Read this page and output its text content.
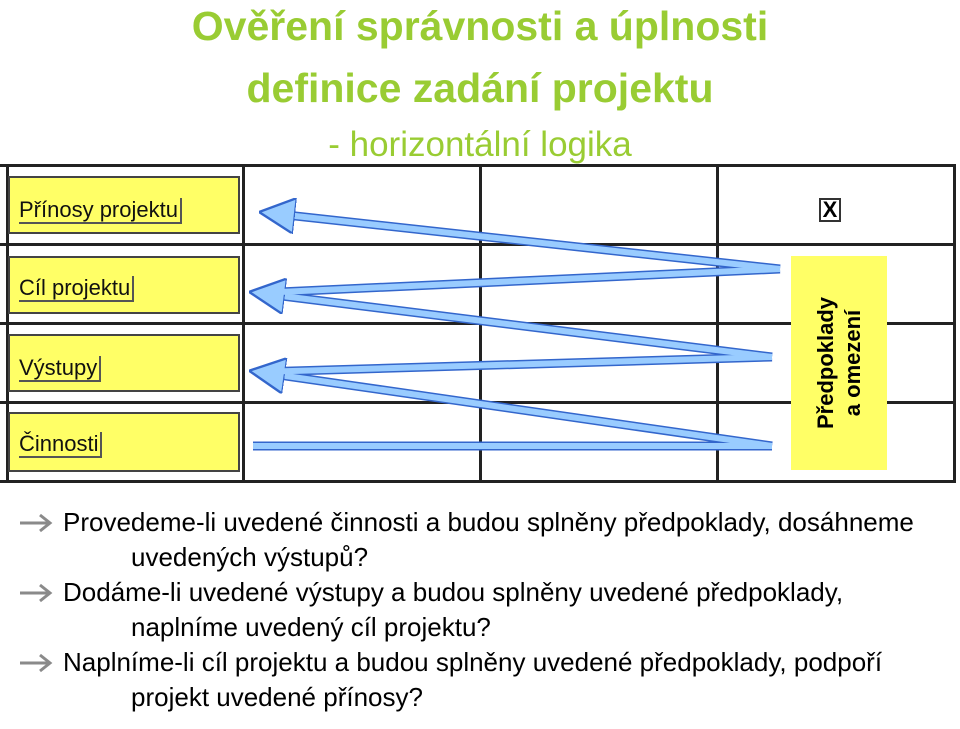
Ověření správnosti a úplnosti
definice zadání projektu
- horizontální logika
Přínosy projektu
Cíl projektu
Výstupy
Činnosti
X
Předpoklady a omezení
Provedeme-li uvedené činnosti a budou splněny předpoklady, dosáhneme uvedených výstupů?
Dodáme-li uvedené výstupy a budou splněny uvedené předpoklady, naplníme uvedený cíl projektu?
Naplníme-li cíl projektu a budou splněny uvedené předpoklady, podpoří projekt uvedené přínosy?
